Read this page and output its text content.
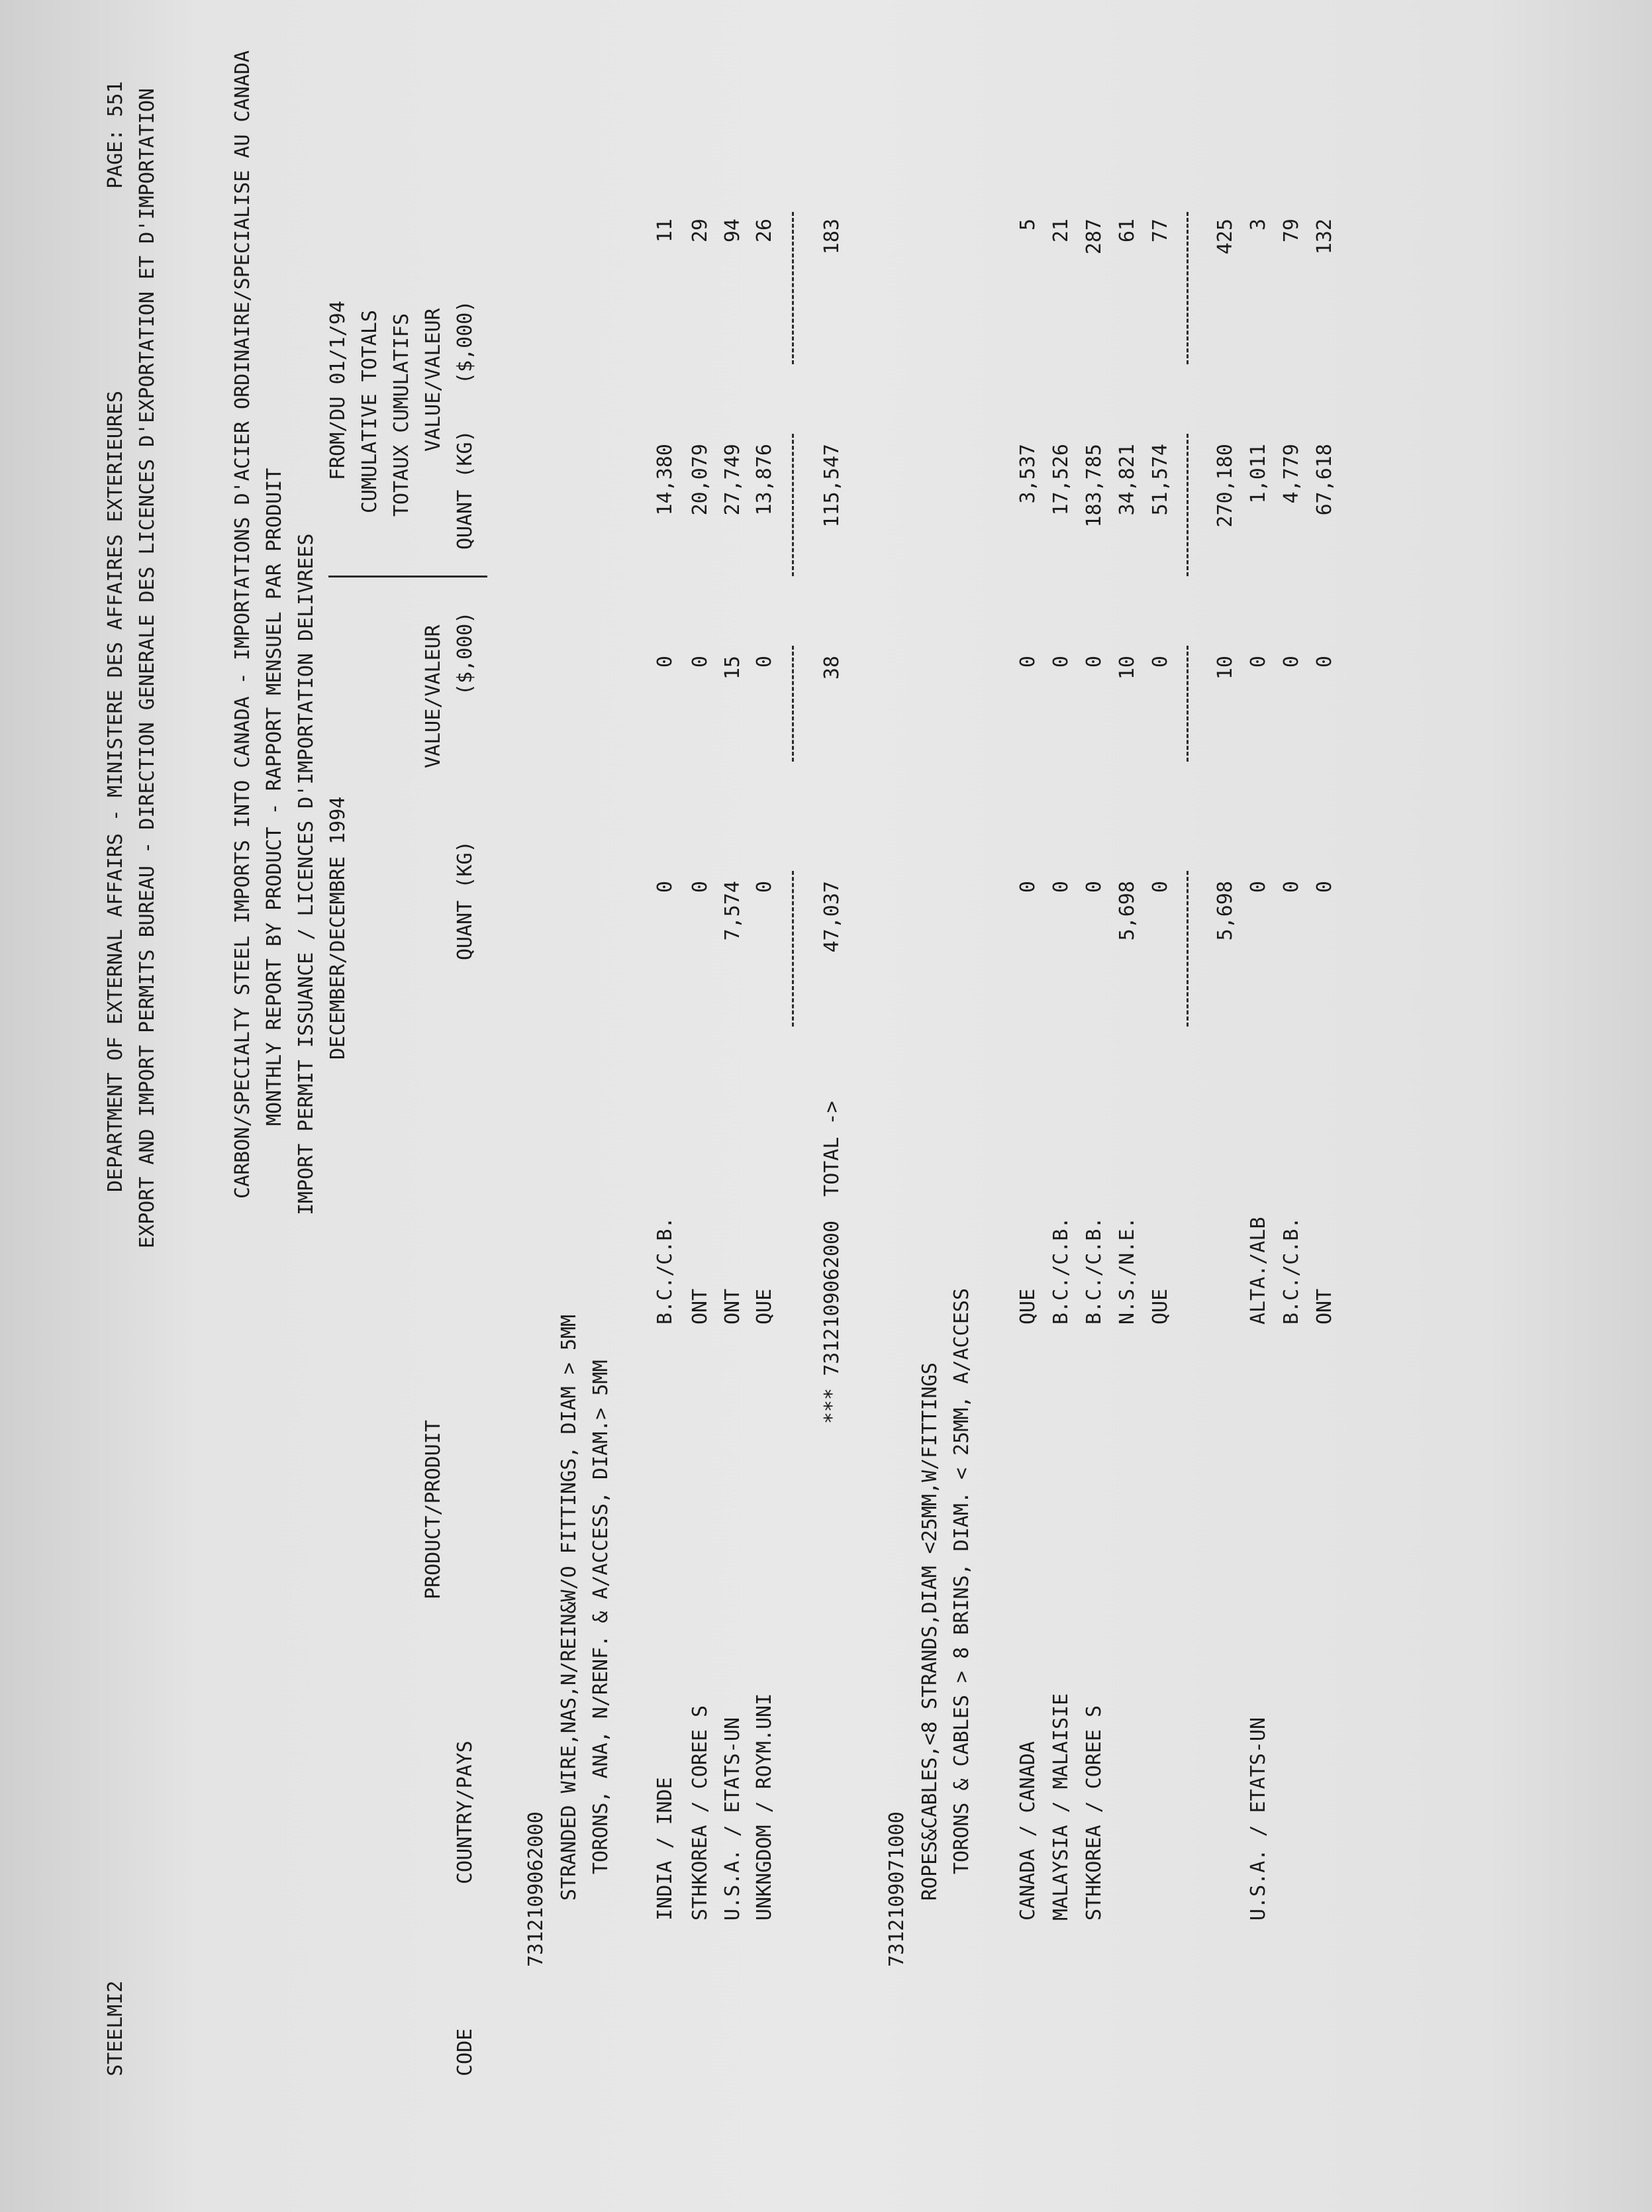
STEELMI2
DEPARTMENT OF EXTERNAL AFFAIRS - MINISTERE DES AFFAIRES EXTERIEURES
PAGE: 551 EXPORT AND IMPORT PERMITS BUREAU - DIRECTION GENERALE DES LICENCES D'EXPORTATION ET D'IMPORTATION	CARBON/SPECIALTY STEEL IMPORTS INTO CANADA - IMPORTATIONS D'ACIER ORDINAIRE/SPECIALISE AU CANADA MONTHLY REPORT BY PRODUCT - RAPPORT MENSUEL PAR PRODUIT IMPORT PERMIT ISSUANCE / LICENCES D'IMPORTATION DELIVREES DECEMBER/DECEMBRE 1994
FROM/DU 01/1/94 CUMULATIVE TOTALS TOTAUX CUMULATIFS
PRODUCT/PRODUIT
VALUE/VALEUR
VALUE/VALEUR
CODE
COUNTRY/PAYS
QUANT (KG)
($,000)
QUANT (KG)
($,000)
7312109062000 STRANDED WIRE,NAS,N/REIN&W/O FITTINGS, DIAM > 5MM TORONS, ANA, N/RENF. & A/ACCESS, DIAM.> 5MM INDIA / INDE
B.C./C.B.
0
0
14,380
11
STHKOREA / COREE S
ONT
0
0
20,079
29
U.S.A. / ETATS-UN
ONT
7,574
15
27,749
94
UNKNGDOM / ROYM.UNI
QUE
0
0
13,876
26
*** 7312109062000  TOTAL ->
47,037
38
115,547
183
7312109071000 ROPES&CABLES,<8 STRANDS,DIAM <25MM,W/FITTINGS TORONS & CABLES > 8 BRINS, DIAM. < 25MM, A/ACCESS CANADA / CANADA
QUE
0
0
3,537
5
MALAYSIA / MALAISIE
B.C./C.B.
0
0
17,526
21
STHKOREA / COREE S
B.C./C.B.
0
0
183,785
287
N.S./N.E.
5,698
10
34,821
61
QUE
0
0
51,574
77
5,698
10
270,180
425
U.S.A. / ETATS-UN
ALTA./ALB
0
0
1,011
3
B.C./C.B.
0
0
4,779
79
ONT
0
0
67,618
132
